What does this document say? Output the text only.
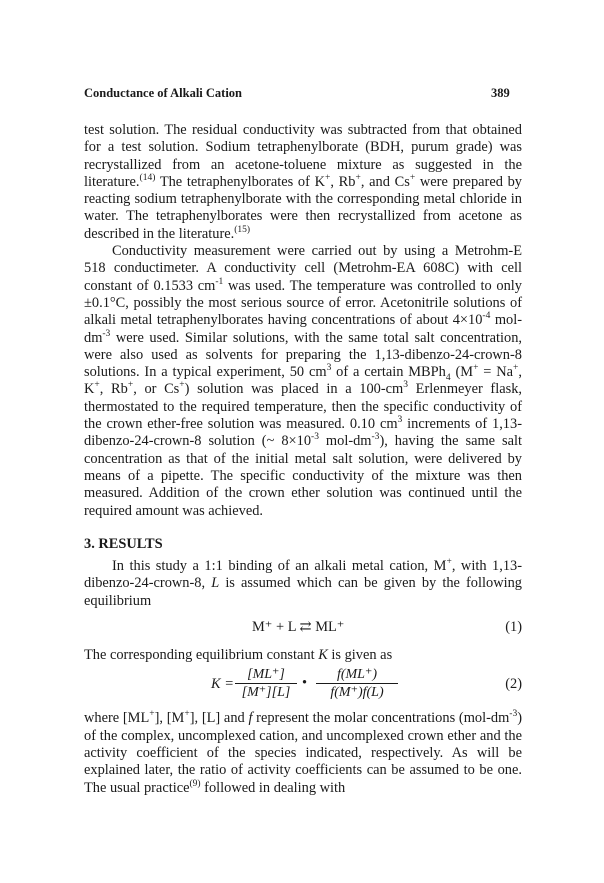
Conductance of Alkali Cation	389

test solution. The residual conductivity was subtracted from that obtained for a test solution. Sodium tetraphenylborate (BDH, purum grade) was recrystallized from an acetone-toluene mixture as suggested in the literature.$^{(14)}$ The tetraphenylborates of K+, Rb+, and Cs+ were prepared by reacting sodium tetraphenylborate with the corresponding metal chloride in water. The tetraphenylborates were then recrystallized from acetone as described in the literature.$^{(15)}$

Conductivity measurement were carried out by using a Metrohm-E 518 conductimeter. A conductivity cell (Metrohm-EA 608C) with cell constant of 0.1533 $cm^{-1}$ was used. The temperature was controlled to only ±0.1°C, possibly the most serious source of error. Acetonitrile solutions of alkali metal tetraphenylborates having concentrations of about $4\times 10^{-4}$ mol-$dm^{-3}$ were used. Similar solutions, with the same total salt concentration, were also used as solvents for preparing the 1,13-dibenzo-24-crown-8 solutions. In a typical experiment, 50 $cm^3$ of a certain MBPh$_4$ (M+ = Na+, K+, Rb+, or Cs+) solution was placed in a $100-cm^3$ Erlenmeyer flask, thermostated to the required temperature, then the specific conductivity of the crown ether-free solution was measured. 0.10 $cm^3$ increments of 1,13-dibenzo-24-crown-8 solution (~ $8\times 10^{-3}$ mol-$dm^{-3}$), having the same salt concentration as that of the initial metal salt solution, were delivered by means of a pipette. The specific conductivity of the mixture was then measured. Addition of the crown ether solution was continued until the required amount was achieved.

3. RESULTS

In this study a 1:1 binding of an alkali metal cation, M+, with 1,13-dibenzo-24-crown-8, L is assumed which can be given by the following equilibrium

M⁺ + L ⇄ ML⁺	(1)

The corresponding equilibrium constant K is given as

$K = \frac{[ML^+]}{[M^+][L]}$ • $\frac{f(ML^+)}{f(M^+)f(L)}$	(2)

where [ML+], [M+], [L] and f represent the molar concentrations $(mol-dm^{-3})$ of the complex, uncomplexed cation, and uncomplexed crown ether and the activity coefficient of the species indicated, respectively. As will be explained later, the ratio of activity coefficients can be assumed to be one. The usual practice$^{(9)}$ followed in dealing with
